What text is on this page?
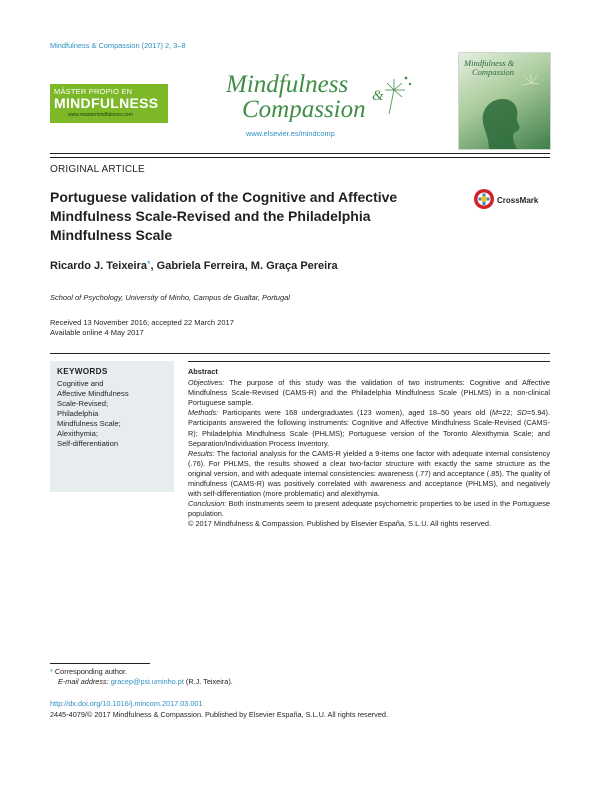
Mindfulness & Compassion (2017) 2, 3–8
MÁSTER PROPIO EN
MINDFULNESS
www.mastermindfulness.com
Mindfulness &
Compassion
www.elsevier.es/mindcomp
Mindfulness &
Compassion
ORIGINAL ARTICLE
Portuguese validation of the Cognitive and Affective Mindfulness Scale-Revised and the Philadelphia Mindfulness Scale
CrossMark
Ricardo J. Teixeira*, Gabriela Ferreira, M. Graça Pereira
School of Psychology, University of Minho, Campus de Gualtar, Portugal
Received 13 November 2016; accepted 22 March 2017
Available online 4 May 2017
KEYWORDS
Cognitive and
Affective Mindfulness
Scale-Revised;
Philadelphia
Mindfulness Scale;
Alexithymia;
Self-differentiation
Abstract

Objectives: The purpose of this study was the validation of two instruments: Cognitive and Affective Mindfulness Scale-Revised (CAMS-R) and the Philadelphia Mindfulness Scale (PHLMS) in a non-clinical Portuguese sample.

Methods: Participants were 168 undergraduates (123 women), aged 18–50 years old (M=22; SD=5.94). Participants answered the following instruments: Cognitive and Affective Mindfulness Scale-Revised (CAMS-R); Philadelphia Mindfulness Scale (PHLMS); Portuguese version of the Toronto Alexithymia Scale; and Separation/Individuation Process Inventory.

Results: The factorial analysis for the CAMS-R yielded a 9-items one factor with adequate internal consistency (.76). For PHLMS, the results showed a clear two-factor structure with exactly the same structure as the original version, and with adequate internal consistencies: awareness (.77) and acceptance (.85). The quality of mindfulness (CAMS-R) was positively correlated with awareness and acceptance (PHLMS), and negatively with self-differentiation (more problematic) and alexithymia.

Conclusion: Both instruments seem to present adequate psychometric properties to be used in the Portuguese population.

© 2017 Mindfulness & Compassion. Published by Elsevier España, S.L.U. All rights reserved.

* Corresponding author.
E-mail address: gracep@psi.uminho.pt (R.J. Teixeira).
http://dx.doi.org/10.1016/j.mincom.2017.03.001
2445-4079/© 2017 Mindfulness & Compassion. Published by Elsevier España, S.L.U. All rights reserved.
